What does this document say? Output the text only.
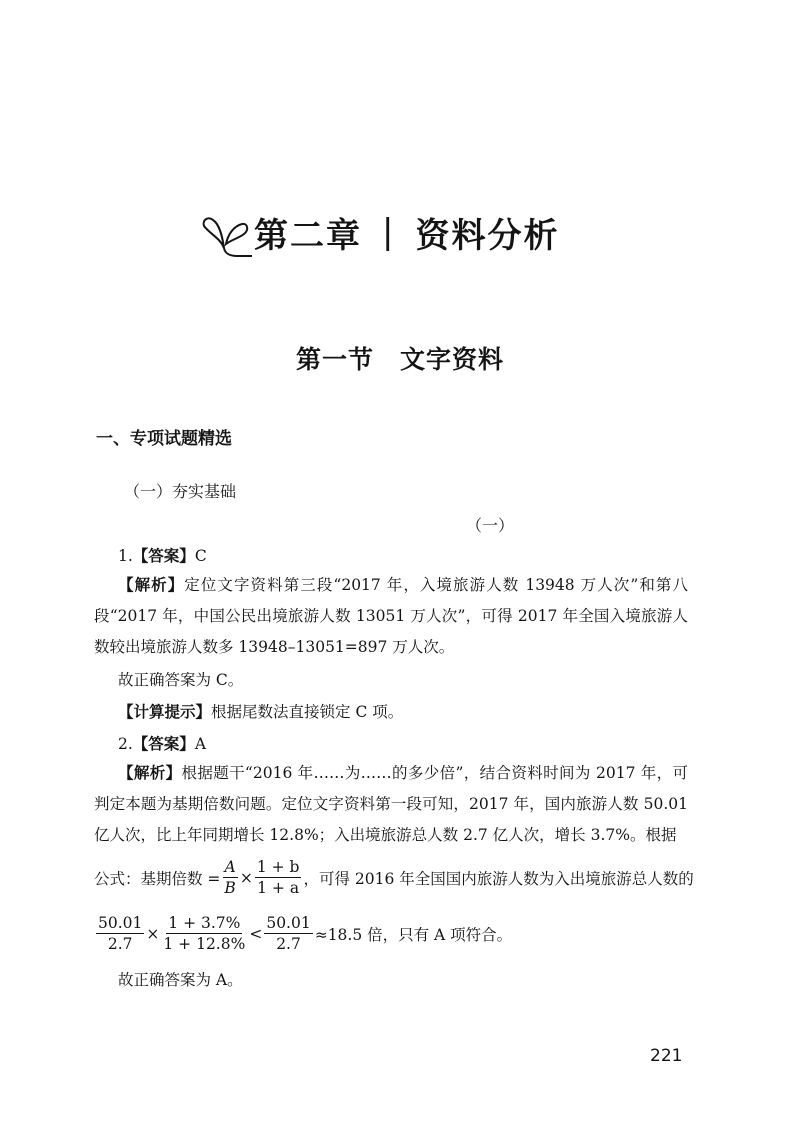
第二章 | 资料分析
第一节 文字资料
一、专项试题精选
（一）夯实基础
（一）
1.【答案】C
【解析】定位文字资料第三段“2017 年，入境旅游人数 13948 万人次”和第八段“2017 年，中国公民出境旅游人数 13051 万人次”，可得 2017 年全国入境旅游人数较出境旅游人数多 13948–13051=897 万人次。
故正确答案为 C。
【计算提示】根据尾数法直接锁定 C 项。
2.【答案】A
【解析】根据题干“2016 年……为……的多少倍”，结合资料时间为 2017 年，可判定本题为基期倍数问题。定位文字资料第一段可知，2017 年，国内旅游人数 50.01 亿人次，比上年同期增长 12.8%；入出境旅游总人数 2.7 亿人次，增长 3.7%。根据
公式：基期倍数 = $\frac{A}{B} \times \frac{1 + b}{1 + a}$ ，可得 2016 年全国国内旅游人数为入出境旅游总人数的
$\frac{50.01}{2.7} \times \frac{1 + 3.7\%}{1 + 12.8\%} < \frac{50.01}{2.7} \approx 18.5$ 倍，只有 A 项符合。
故正确答案为 A。
221
